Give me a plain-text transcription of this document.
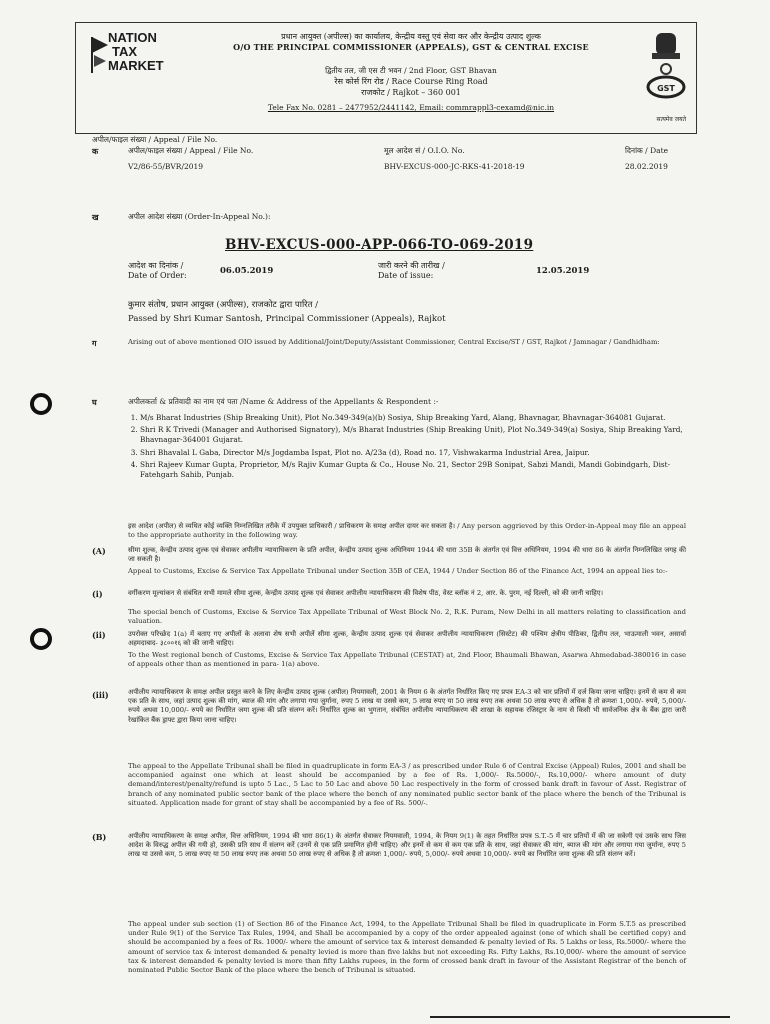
NATION
TAX
MARKET
प्रधान आयुक्त (अपील्स) का कार्यालय, केन्द्रीय वस्तु एवं सेवा कर और केन्द्रीय उत्पाद शुल्क
O/O THE PRINCIPAL COMMISSIONER (APPEALS), GST & CENTRAL EXCISE
द्वितीय तल, जी एस टी भवन / 2nd Floor, GST Bhavan
रेस कोर्स रिंग रोड / Race Course Ring Road
राजकोट / Rajkot – 360 001
Tele Fax No. 0281 – 2477952/2441142, Email: commrappl3-cexamd@nic.in
GST
सत्यमेव जयते
अपील/फाइल संख्या / Appeal / File No.
क	अपील/फाइल संख्या / Appeal / File No.
V2/86-55/BVR/2019
मूल आदेश सं / O.I.O. No.
BHV-EXCUS-000-JC-RKS-41-2018-19
दिनांक / Date
28.02.2019
ख	अपील आदेश संख्या (Order-In-Appeal No.):
BHV-EXCUS-000-APP-066-TO-069-2019
आदेश का दिनांक /
Date of Order:	06.05.2019
जारी करने की तारीख /
Date of issue:	12.05.2019
कुमार संतोष, प्रधान आयुक्त (अपील्स), राजकोट द्वारा पारित /
Passed by Shri Kumar Santosh, Principal Commissioner (Appeals), Rajkot
ग	Arising out of above mentioned OIO issued by Additional/Joint/Deputy/Assistant Commissioner, Central Excise/ST / GST, Rajkot / Jamnagar / Gandhidham:
घ	अपीलकर्ता & प्रतिवादी का नाम एवं पता /Name & Address of the Appellants & Respondent :-
1. M/s Bharat Industries (Ship Breaking Unit), Plot No.349-349(a)(b) Sosiya, Ship Breaking Yard, Alang, Bhavnagar, Bhavnagar-364081 Gujarat.
2. Shri R K Trivedi (Manager and Authorised Signatory), M/s Bharat Industries (Ship Breaking Unit), Plot No.349-349(a) Sosiya, Ship Breaking Yard, Bhavnagar-364001 Gujarat.
3. Shri Bhavalal L Gaba, Director M/s Jogdamba Ispat, Plot no. A/23a (d), Road no. 17, Vishwakarma Industrial Area, Jaipur.
4. Shri Rajeev Kumar Gupta, Proprietor, M/s Rajiv Kumar Gupta & Co., House No. 21, Sector 29B Sonipat, Sabzi Mandi, Mandi Gobindgarh, Dist-Fatehgarh Sahib, Punjab.
इस आदेश (अपील) से व्यथित कोई व्यक्ति निम्नलिखित तरीके में उपयुक्त प्राधिकारी / प्राधिकरण के समक्ष अपील दायर कर सकता है। / Any person aggrieved by this Order-in-Appeal may file an appeal to the appropriate authority in the following way.
(A)	सीमा शुल्क, केन्द्रीय उत्पाद शुल्क एवं सेवाकर अपीलीय न्यायाधिकरण के प्रति अपील, केन्द्रीय उत्पाद शुल्क अधिनियम 1944 की धारा 35B के अंतर्गत एवं वित्त अधिनियम, 1994 की धारा 86 के अंतर्गत निम्नलिखित जगह की जा सकती है।
Appeal to Customs, Excise & Service Tax Appellate Tribunal under Section 35B of CEA, 1944 / Under Section 86 of the Finance Act, 1994 an appeal lies to:-
(i)	वर्गीकरण मूल्यांकन से संबंधित सभी मामले सीमा शुल्क, केन्द्रीय उत्पाद शुल्क एवं सेवाकर अपीलीय न्यायाधिकरण की विशेष पीठ, वेस्ट ब्लॉक नं 2, आर. के. पुरम, नई दिल्ली, को की जानी चाहिए।
The special bench of Customs, Excise & Service Tax Appellate Tribunal of West Block No. 2, R.K. Puram, New Delhi in all matters relating to classification and valuation.
(ii)	उपरोक्त परिच्छेद 1(a) में बताए गए अपीलों के अलावा शेष सभी अपीलें सीमा शुल्क, केन्द्रीय उत्पाद शुल्क एवं सेवाकर अपीलीय न्यायाधिकरण (सिस्टेट) की पश्चिम क्षेत्रीय पीठिका, द्वितीय तल, भाऊमाली भवन, असार्वा अहमदाबाद- ३८००१६ को की जानी चाहिए।
To the West regional bench of Customs, Excise & Service Tax Appellate Tribunal (CESTAT) at, 2nd Floor, Bhaumali Bhawan, Asarwa Ahmedabad-380016 in case of appeals other than as mentioned in para- 1(a) above.
(iii)	अपीलीय न्यायाधिकरण के समक्ष अपील प्रस्तुत करने के लिए केन्द्रीय उत्पाद शुल्क (अपील) नियमावली, 2001 के नियम 6 के अंतर्गत निर्धारित किए गए प्रपत्र EA-3 को चार प्रतियों में दर्ज किया जाना चाहिए। इनमें से कम से कम एक प्रति के साथ, जहां उत्पाद शुल्क की मांग, ब्याज की मांग और लगाया गया जुर्माना, रुपए 5 लाख या उससे कम, 5 लाख रुपए या 50 लाख रुपए तक अथवा 50 लाख रुपए से अधिक है तो क्रमशः 1,000/- रुपये, 5,000/- रुपये अथवा 10,000/- रुपये का निर्धारित जमा शुल्क की प्रति संलग्न करें। निर्धारित शुल्क का भुगतान, संबंधित अपीलीय न्यायाधिकरण की शाखा के सहायक रजिस्ट्रार के नाम से किसी भी सार्वजनिक क्षेत्र के बैंक द्वारा जारी रेखांकित बैंक ड्राफ्ट द्वारा किया जाना चाहिए।
The appeal to the Appellate Tribunal shall be filed in quadruplicate in form EA-3 / as prescribed under Rule 6 of Central Excise (Appeal) Rules, 2001 and shall be accompanied against one which at least should be accompanied by a fee of Rs. 1,000/- Rs.5000/-, Rs.10,000/- where amount of duty demand/interest/penalty/refund is upto 5 Lac., 5 Lac to 50 Lac and above 50 Lac respectively in the form of crossed bank draft in favour of Asst. Registrar of branch of any nominated public sector bank of the place where the bench of any nominated public sector bank of the place where the bench of the Tribunal is situated. Application made for grant of stay shall be accompanied by a fee of Rs. 500/-.
(B)	अपीलीय न्यायाधिकरण के समक्ष अपील, वित्त अधिनियम, 1994 की धारा 86(1) के अंतर्गत सेवाकर नियमवाली, 1994, के नियम 9(1) के तहत निर्धारित प्रपत्र S.T.-5 में चार प्रतियों में की जा सकेगी एवं उसके साथ जिस आदेश के विरुद्ध अपील की गयी हो, उसकी प्रति साथ में संलग्न करें (उनमें से एक प्रति प्रमाणित होनी चाहिए) और इनमें से कम से कम एक प्रति के साथ, जहां सेवाकर की मांग, ब्याज की मांग और लगाया गया जुर्माना, रुपए 5 लाख या उससे कम, 5 लाख रुपए या 50 लाख रुपए तक अथवा 50 लाख रुपए से अधिक है तो क्रमशः 1,000/- रुपये, 5,000/- रुपये अथवा 10,000/- रुपये का निर्धारित जमा शुल्क की प्रति संलग्न करें।
The appeal under sub section (1) of Section 86 of the Finance Act, 1994, to the Appellate Tribunal Shall be filed in quadruplicate in Form S.T.5 as prescribed under Rule 9(1) of the Service Tax Rules, 1994, and Shall be accompanied by a copy of the order appealed against (one of which shall be certified copy) and should be accompanied by a fees of Rs. 1000/- where the amount of service tax & interest demanded & penalty levied of Rs. 5 Lakhs or less, Rs.5000/- where the amount of service tax & interest demanded & penalty levied is more than five lakhs but not exceeding Rs. Fifty Lakhs, Rs.10,000/- where the amount of service tax & interest demanded & penalty levied is more than fifty Lakhs rupees, in the form of crossed bank draft in favour of the Assistant Registrar of the bench of nominated Public Sector Bank of the place where the bench of Tribunal is situated.
